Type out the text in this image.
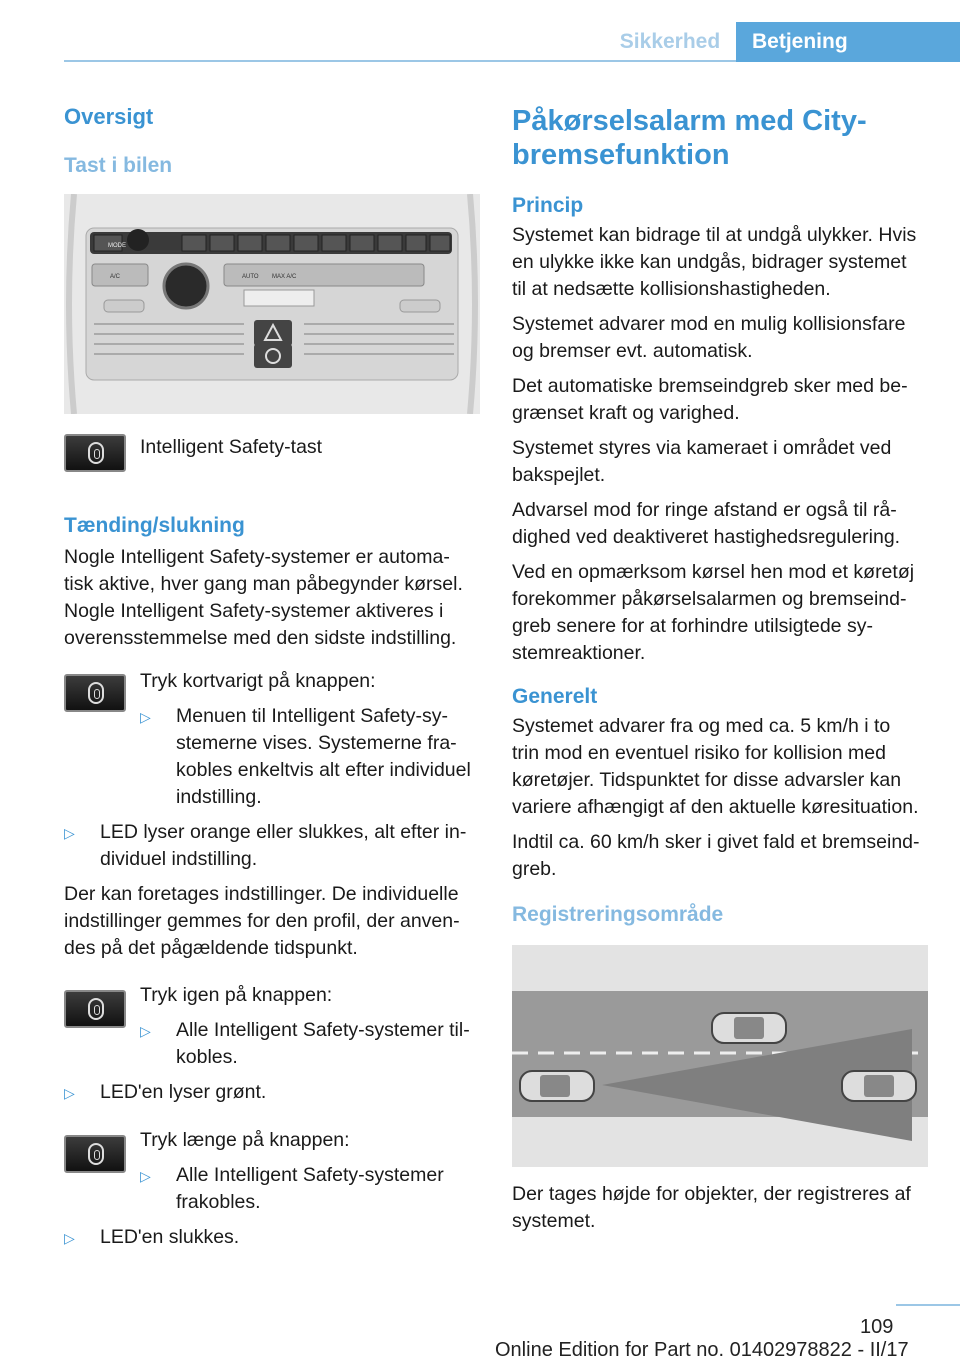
Sikkerhed	Betjening
Oversigt
Tast i bilen
MODE
AUTO MAX A/C
A/C
Intelligent Safety-tast
Tænding/slukning
Nogle Intelligent Safety-systemer er automa-
tisk aktive, hver gang man påbegynder kørsel.
Nogle Intelligent Safety-systemer aktiveres i
overensstemmelse med den sidste indstilling.
Tryk kortvarigt på knappen:
▷	Menuen til Intelligent Safety-sy-
stemerne vises. Systemerne fra-
kobles enkeltvis alt efter individuel
indstilling.
▷	LED lyser orange eller slukkes, alt efter in-
dividuel indstilling.
Der kan foretages indstillinger. De individuelle
indstillinger gemmes for den profil, der anven-
des på det pågældende tidspunkt.
Tryk igen på knappen:
▷	Alle Intelligent Safety-systemer til-
kobles.
▷	LED'en lyser grønt.
Tryk længe på knappen:
▷	Alle Intelligent Safety-systemer
frakobles.
▷	LED'en slukkes.
Påkørselsalarm med City-
bremsefunktion
Princip
Systemet kan bidrage til at undgå ulykker. Hvis
en ulykke ikke kan undgås, bidrager systemet
til at nedsætte kollisionshastigheden.
Systemet advarer mod en mulig kollisionsfare
og bremser evt. automatisk.
Det automatiske bremseindgreb sker med be-
grænset kraft og varighed.
Systemet styres via kameraet i området ved
bakspejlet.
Advarsel mod for ringe afstand er også til rå-
dighed ved deaktiveret hastighedsregulering.
Ved en opmærksom kørsel hen mod et køretøj
forekommer påkørselsalarmen og bremseind-
greb senere for at forhindre utilsigtede sy-
stemreaktioner.
Generelt
Systemet advarer fra og med ca. 5 km/h i to
trin mod en eventuel risiko for kollision med
køretøjer. Tidspunktet for disse advarsler kan
variere afhængigt af den aktuelle køresituation.
Indtil ca. 60 km/h sker i givet fald et bremseind-
greb.
Registreringsområde
Der tages højde for objekter, der registreres af
systemet.
109
Online Edition for Part no. 01402978822 - II/17
